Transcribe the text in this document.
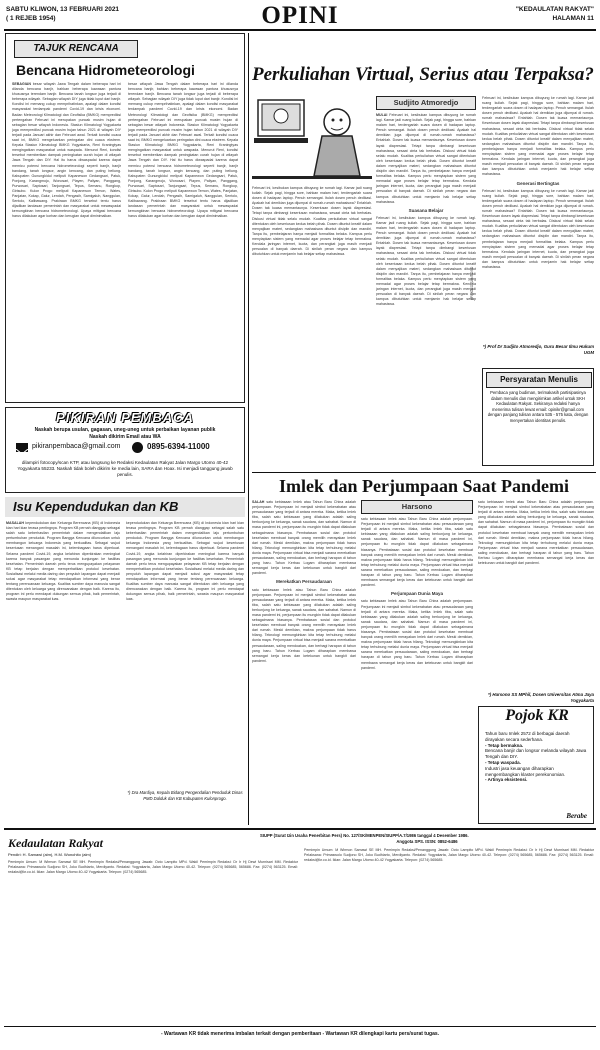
SABTU KLIWON, 13 FEBRUARI 2021
( 1 REJEB 1954)	OPINI	"KEDAULATAN RAKYAT"
HALAMAN 11
TAJUK RENCANA
Bencana Hidrometeorologi
SEBAGIAN besar wilayah Jawa Tengah dalam beberapa hari ini dilanda bencana banjir, bahkan beberapa kawasan pantura khususnya terendam banjir. Bencana tanah longsor juga terjadi di beberapa wilayah. Sebagian wilayah DIY juga tidak luput dari banjir. Kondisi ini memang cukup memprihatinkan, apalagi dalam kondisi masyarakat terdampak pandemi Covid-19 dan krisis ekonomi. Badan Meteorologi Klimatologi dan Geofisika (BMKG) memprediksi pertengahan Februari ini merupakan puncak musim hujan di sebagian besar wilayah Indonesia. Stasiun Klimatologi Yogyakarta juga memprediksi puncak musim hujan tahun 2021 di wilayah DIY terjadi pada Januari akhir dan Februari awal. Terkait kondisi cuaca saat ini, BMKG mengeluarkan peringatan dini cuaca ekstrem. Kepala Stasiun Klimatologi BMKG Yogyakarta, Reni Kraningtyas mengingatkan masyarakat untuk waspada. Menurut Reni, kondisi tersebut memberikan dampak peningkatan curah hujan di wilayah Jawa Tengah dan DIY. Hal itu harus diwaspadai karena dapat memicu potensi bencana hidrometeorologi seperti banjir, banjir bandang, tanah longsor, angin kencang, dan puting beliung. Kabupaten Gunungkidul meliputi Kapanewon Gedangsari, Patuk, Ponjong, Karangmojo, Wonosari, Playen, Paliyan, Panggang, Purwosari, Saptosari, Tanjungsari, Tepus, Semanu, Rongkop, Girisubo. Kulon Progo meliputi Kapanewon Temon, Wates, Panjatan, Kokap, Galur, Lendah, Pengasih, Samigaluh, Nanggulan, Sentolo, Kalibawang. Prakiraan BMKG tersebut tentu harus dijadikan landasan pemerintah dan masyarakat untuk mewaspadai kemungkinan bencana hidrometeorologi. Upaya mitigasi bencana harus dilakukan agar korban dan kerugian dapat diminimalkan.
besar wilayah Jawa Tengah dalam beberapa hari ini dilanda bencana banjir, bahkan beberapa kawasan pantura khususnya terendam banjir. Bencana tanah longsor juga terjadi di beberapa wilayah. Sebagian wilayah DIY juga tidak luput dari banjir. Kondisi ini memang cukup memprihatinkan, apalagi dalam kondisi masyarakat terdampak pandemi Covid-19 dan krisis ekonomi. Badan Meteorologi Klimatologi dan Geofisika (BMKG) memprediksi pertengahan Februari ini merupakan puncak musim hujan di sebagian besar wilayah Indonesia. Stasiun Klimatologi Yogyakarta juga memprediksi puncak musim hujan tahun 2021 di wilayah DIY terjadi pada Januari akhir dan Februari awal. Terkait kondisi cuaca saat ini, BMKG mengeluarkan peringatan dini cuaca ekstrem. Kepala Stasiun Klimatologi BMKG Yogyakarta, Reni Kraningtyas mengingatkan masyarakat untuk waspada. Menurut Reni, kondisi tersebut memberikan dampak peningkatan curah hujan di wilayah Jawa Tengah dan DIY. Hal itu harus diwaspadai karena dapat memicu potensi bencana hidrometeorologi seperti banjir, banjir bandang, tanah longsor, angin kencang, dan puting beliung. Kabupaten Gunungkidul meliputi Kapanewon Gedangsari, Patuk, Ponjong, Karangmojo, Wonosari, Playen, Paliyan, Panggang, Purwosari, Saptosari, Tanjungsari, Tepus, Semanu, Rongkop, Girisubo. Kulon Progo meliputi Kapanewon Temon, Wates, Panjatan, Kokap, Galur, Lendah, Pengasih, Samigaluh, Nanggulan, Sentolo, Kalibawang. Prakiraan BMKG tersebut tentu harus dijadikan landasan pemerintah dan masyarakat untuk mewaspadai kemungkinan bencana hidrometeorologi. Upaya mitigasi bencana harus dilakukan agar korban dan kerugian dapat diminimalkan.
PIKIRAN PEMBACA
Naskah berupa usulan, gagasan, uneg-uneg untuk perbaikan layanan publik
Naskah dikirim Email atau WA
pikiranpembaca@gmail.com	0895-6394-11000
dilampiri fotocopy/scan KTP, atau langsung ke Redaksi Kedaulatan Rakyat Jalan Margo Utomo 40-42 Yogyakarta 55233. Naskah tidak boleh dikirim ke media lain, SARA dan Hoax. Isi menjadi tanggung jawab penulis.
Isu Kependudukan dan KB
MASALAH kependudukan dan Keluarga Berencana (KB) di Indonesia kian hari kian terasa pentingnya. Program KB pernah dianggap sebagai salah satu keberhasilan pemerintah dalam mengendalikan laju pertumbuhan penduduk. Program Bangga Kencana diluncurkan untuk membangun keluarga Indonesia yang berkualitas. Sebagai wujud keseriusan menangani masalah ini, kelembagaan harus diperkuat. Selama pandemi Covid-19, angka kelahiran diperkirakan meningkat karena banyak pasangan yang menunda kunjungan ke fasilitas kesehatan. Pemerintah daerah perlu terus mengupayakan pelayanan KB tetap berjalan dengan memperhatikan protokol kesehatan. Sosialisasi melalui media daring dan penyuluh lapangan dapat menjadi solusi agar masyarakat tetap mendapatkan informasi yang benar tentang perencanaan keluarga. Kualitas sumber daya manusia sangat ditentukan oleh keluarga yang direncanakan dengan baik. Karena itu, program ini perlu mendapat dukungan semua pihak, baik pemerintah, swasta maupun masyarakat luas.
kependudukan dan Keluarga Berencana (KB) di Indonesia kian hari kian terasa pentingnya. Program KB pernah dianggap sebagai salah satu keberhasilan pemerintah dalam mengendalikan laju pertumbuhan penduduk. Program Bangga Kencana diluncurkan untuk membangun keluarga Indonesia yang berkualitas. Sebagai wujud keseriusan menangani masalah ini, kelembagaan harus diperkuat. Selama pandemi Covid-19, angka kelahiran diperkirakan meningkat karena banyak pasangan yang menunda kunjungan ke fasilitas kesehatan. Pemerintah daerah perlu terus mengupayakan pelayanan KB tetap berjalan dengan memperhatikan protokol kesehatan. Sosialisasi melalui media daring dan penyuluh lapangan dapat menjadi solusi agar masyarakat tetap mendapatkan informasi yang benar tentang perencanaan keluarga. Kualitas sumber daya manusia sangat ditentukan oleh keluarga yang direncanakan dengan baik. Karena itu, program ini perlu mendapat dukungan semua pihak, baik pemerintah, swasta maupun masyarakat luas.
*) Dra Mardiya, Kepala Bidang Pengendalian Penduduk Dinas PMD Dalduk dan KB Kabupaten Kulonprogo.
Perkuliahan Virtual, Serius atau Terpaksa?
Februari ini, kesibukan kampus dibuyung ke rumah lagi. Kamar jadi ruang kuliah. Sejak pagi, hingga sore, bahkan malam hari, terdengarlah suara dosen di hadapan laptop. Penuh semangat. Itulah dosen penuh dedikasi. Apakah hal demikian juga dijumpai di rumah-rumah mahasiswa? Entahlah. Dosen tak kuasa memantaunya. Keseriusan dosen layak diapresiasi. Tetapi tanpa dimbangi keseriusan mahasiswa, sesaat cinta tak berbalas. Diskusi virtual tidak selalu mudah. Kualitas perkuliahan virtual sangat ditentukan oleh keseriusan kedua belah pihak. Dosen dituntut kreatif dalam menyajikan materi, sedangkan mahasiswa dituntut disiplin dan mandiri. Tanpa itu, pembelajaran hanya menjadi formalitas belaka. Kampus perlu menyiapkan sistem yang memadai agar proses belajar tetap bermakna. Kendala jaringan internet, kuota, dan perangkat juga masih menjadi persoalan di banyak daerah. Di sinilah peran negara dan kampus dibutuhkan untuk menjamin hak belajar setiap mahasiswa.
Sudjito Atmoredjo
MULAI Februari ini, kesibukan kampus dibuyung ke rumah lagi. Kamar jadi ruang kuliah. Sejak pagi, hingga sore, bahkan malam hari, terdengarlah suara dosen di hadapan laptop. Penuh semangat. Itulah dosen penuh dedikasi. Apakah hal demikian juga dijumpai di rumah-rumah mahasiswa? Entahlah. Dosen tak kuasa memantaunya. Keseriusan dosen layak diapresiasi. Tetapi tanpa dimbangi keseriusan mahasiswa, sesaat cinta tak berbalas. Diskusi virtual tidak selalu mudah. Kualitas perkuliahan virtual sangat ditentukan oleh keseriusan kedua belah pihak. Dosen dituntut kreatif dalam menyajikan materi, sedangkan mahasiswa dituntut disiplin dan mandiri. Tanpa itu, pembelajaran hanya menjadi formalitas belaka. Kampus perlu menyiapkan sistem yang memadai agar proses belajar tetap bermakna. Kendala jaringan internet, kuota, dan perangkat juga masih menjadi persoalan di banyak daerah. Di sinilah peran negara dan kampus dibutuhkan untuk menjamin hak belajar setiap mahasiswa.
Suasana Belajar
Februari ini, kesibukan kampus dibuyung ke rumah lagi. Kamar jadi ruang kuliah. Sejak pagi, hingga sore, bahkan malam hari, terdengarlah suara dosen di hadapan laptop. Penuh semangat. Itulah dosen penuh dedikasi. Apakah hal demikian juga dijumpai di rumah-rumah mahasiswa? Entahlah. Dosen tak kuasa memantaunya. Keseriusan dosen layak diapresiasi. Tetapi tanpa dimbangi keseriusan mahasiswa, sesaat cinta tak berbalas. Diskusi virtual tidak selalu mudah. Kualitas perkuliahan virtual sangat ditentukan oleh keseriusan kedua belah pihak. Dosen dituntut kreatif dalam menyajikan materi, sedangkan mahasiswa dituntut disiplin dan mandiri. Tanpa itu, pembelajaran hanya menjadi formalitas belaka. Kampus perlu menyiapkan sistem yang memadai agar proses belajar tetap bermakna. Kendala jaringan internet, kuota, dan perangkat juga masih menjadi persoalan di banyak daerah. Di sinilah peran negara dan kampus dibutuhkan untuk menjamin hak belajar setiap mahasiswa.
Februari ini, kesibukan kampus dibuyung ke rumah lagi. Kamar jadi ruang kuliah. Sejak pagi, hingga sore, bahkan malam hari, terdengarlah suara dosen di hadapan laptop. Penuh semangat. Itulah dosen penuh dedikasi. Apakah hal demikian juga dijumpai di rumah-rumah mahasiswa? Entahlah. Dosen tak kuasa memantaunya. Keseriusan dosen layak diapresiasi. Tetapi tanpa dimbangi keseriusan mahasiswa, sesaat cinta tak berbalas. Diskusi virtual tidak selalu mudah. Kualitas perkuliahan virtual sangat ditentukan oleh keseriusan kedua belah pihak. Dosen dituntut kreatif dalam menyajikan materi, sedangkan mahasiswa dituntut disiplin dan mandiri. Tanpa itu, pembelajaran hanya menjadi formalitas belaka. Kampus perlu menyiapkan sistem yang memadai agar proses belajar tetap bermakna. Kendala jaringan internet, kuota, dan perangkat juga masih menjadi persoalan di banyak daerah. Di sinilah peran negara dan kampus dibutuhkan untuk menjamin hak belajar setiap mahasiswa.
Generasi Bertingtas
Februari ini, kesibukan kampus dibuyung ke rumah lagi. Kamar jadi ruang kuliah. Sejak pagi, hingga sore, bahkan malam hari, terdengarlah suara dosen di hadapan laptop. Penuh semangat. Itulah dosen penuh dedikasi. Apakah hal demikian juga dijumpai di rumah-rumah mahasiswa? Entahlah. Dosen tak kuasa memantaunya. Keseriusan dosen layak diapresiasi. Tetapi tanpa dimbangi keseriusan mahasiswa, sesaat cinta tak berbalas. Diskusi virtual tidak selalu mudah. Kualitas perkuliahan virtual sangat ditentukan oleh keseriusan kedua belah pihak. Dosen dituntut kreatif dalam menyajikan materi, sedangkan mahasiswa dituntut disiplin dan mandiri. Tanpa itu, pembelajaran hanya menjadi formalitas belaka. Kampus perlu menyiapkan sistem yang memadai agar proses belajar tetap bermakna. Kendala jaringan internet, kuota, dan perangkat juga masih menjadi persoalan di banyak daerah. Di sinilah peran negara dan kampus dibutuhkan untuk menjamin hak belajar setiap mahasiswa.
*) Prof Dr Sudjito Atmoredjo, Guru Besar Ilmu Hukum UGM
KR/JOKO SANTOSO
Persyaratan Menulis
Pembaca yang budiman, terimakasih partisipasinya dalam menulis dan mengirimkan artikel untuk SKH Kedaulatan Rakyat. Sekiranya redaksi hanya menerima tulisan lewat email: opinikr@gmail.com dengan panjang tulisan antara 535 - 575 kata, dengan menyertakan identitas penulis.
Imlek dan Perjumpaan Saat Pandemi
SALAH satu kebiasaan Imlek atau Tahun Baru China adalah perjumpaan. Perjumpaan ini menjadi simbol kekerabatan atau persaudaraan yang terjadi di antara mereka. Maka, ketika Imlek tiba, salah satu kebiasaan yang dilakukan adalah saling berkunjung ke keluarga, sanak saudara, dan sahabat. Namun di masa pandemi ini, perjumpaan itu mungkin tidak dapat dilakukan sebagaimana biasanya. Pembatasan sosial dan protokol kesehatan membuat banyak orang memilih merayakan Imlek dari rumah. Meski demikian, makna perjumpaan tidak harus hilang. Teknologi memungkinkan kita tetap terhubung melalui dunia maya. Perjumpaan virtual bisa menjadi sarana merekatkan persaudaraan, saling mendoakan, dan berbagi harapan di tahun yang baru. Tahun Kerbau Logam diharapkan membawa semangat kerja keras dan ketekunan untuk bangkit dari pandemi.
Merekatkan Persaudaraan
satu kebiasaan Imlek atau Tahun Baru China adalah perjumpaan. Perjumpaan ini menjadi simbol kekerabatan atau persaudaraan yang terjadi di antara mereka. Maka, ketika Imlek tiba, salah satu kebiasaan yang dilakukan adalah saling berkunjung ke keluarga, sanak saudara, dan sahabat. Namun di masa pandemi ini, perjumpaan itu mungkin tidak dapat dilakukan sebagaimana biasanya. Pembatasan sosial dan protokol kesehatan membuat banyak orang memilih merayakan Imlek dari rumah. Meski demikian, makna perjumpaan tidak harus hilang. Teknologi memungkinkan kita tetap terhubung melalui dunia maya. Perjumpaan virtual bisa menjadi sarana merekatkan persaudaraan, saling mendoakan, dan berbagi harapan di tahun yang baru. Tahun Kerbau Logam diharapkan membawa semangat kerja keras dan ketekunan untuk bangkit dari pandemi.
Harsono
satu kebiasaan Imlek atau Tahun Baru China adalah perjumpaan. Perjumpaan ini menjadi simbol kekerabatan atau persaudaraan yang terjadi di antara mereka. Maka, ketika Imlek tiba, salah satu kebiasaan yang dilakukan adalah saling berkunjung ke keluarga, sanak saudara, dan sahabat. Namun di masa pandemi ini, perjumpaan itu mungkin tidak dapat dilakukan sebagaimana biasanya. Pembatasan sosial dan protokol kesehatan membuat banyak orang memilih merayakan Imlek dari rumah. Meski demikian, makna perjumpaan tidak harus hilang. Teknologi memungkinkan kita tetap terhubung melalui dunia maya. Perjumpaan virtual bisa menjadi sarana merekatkan persaudaraan, saling mendoakan, dan berbagi harapan di tahun yang baru. Tahun Kerbau Logam diharapkan membawa semangat kerja keras dan ketekunan untuk bangkit dari pandemi.
Perjumpaan Dunia Maya
satu kebiasaan Imlek atau Tahun Baru China adalah perjumpaan. Perjumpaan ini menjadi simbol kekerabatan atau persaudaraan yang terjadi di antara mereka. Maka, ketika Imlek tiba, salah satu kebiasaan yang dilakukan adalah saling berkunjung ke keluarga, sanak saudara, dan sahabat. Namun di masa pandemi ini, perjumpaan itu mungkin tidak dapat dilakukan sebagaimana biasanya. Pembatasan sosial dan protokol kesehatan membuat banyak orang memilih merayakan Imlek dari rumah. Meski demikian, makna perjumpaan tidak harus hilang. Teknologi memungkinkan kita tetap terhubung melalui dunia maya. Perjumpaan virtual bisa menjadi sarana merekatkan persaudaraan, saling mendoakan, dan berbagi harapan di tahun yang baru. Tahun Kerbau Logam diharapkan membawa semangat kerja keras dan ketekunan untuk bangkit dari pandemi.
satu kebiasaan Imlek atau Tahun Baru China adalah perjumpaan. Perjumpaan ini menjadi simbol kekerabatan atau persaudaraan yang terjadi di antara mereka. Maka, ketika Imlek tiba, salah satu kebiasaan yang dilakukan adalah saling berkunjung ke keluarga, sanak saudara, dan sahabat. Namun di masa pandemi ini, perjumpaan itu mungkin tidak dapat dilakukan sebagaimana biasanya. Pembatasan sosial dan protokol kesehatan membuat banyak orang memilih merayakan Imlek dari rumah. Meski demikian, makna perjumpaan tidak harus hilang. Teknologi memungkinkan kita tetap terhubung melalui dunia maya. Perjumpaan virtual bisa menjadi sarana merekatkan persaudaraan, saling mendoakan, dan berbagi harapan di tahun yang baru. Tahun Kerbau Logam diharapkan membawa semangat kerja keras dan ketekunan untuk bangkit dari pandemi.
*) Harsono SS MPhil, Dosen Universitas Atma Jaya Yogyakarta
Pojok KR
Tahun baru Imlek 2572 di berbagai daerah dirayakan secara sederhana.
- Tetap bermakna.
Bencana banjir dan longsor melanda wilayah Jawa Tengah dan DIY.
- Tetap waspada.
Industri jasa keuangan diharapkan mengembangkan klaster perekonomian.
- Artinya eksistensi.
Berabe
Kedaulatan Rakyat
SIUPP (Surat Izin Usaha Penerbitan Pers) No. 127/SK/MENPEN/SIUPP/A.7/1986 tanggal 4 Desember 1986.
Anggota SPS. ISSN: 0852-6486
Pendiri: H. Samawi (alm), H.M. Wonohito (alm)
Pemimpin Umum: M Wirmon Samawi SE MH. Pemimpin Redaksi/Penanggung Jawab: Octo Lampito MPd. Wakil Pemimpin Redaksi: Dr Ir Hj Dewi Murnisari MM. Redaktur Pelaksana: Primaswolo Sudjono SH, Joko Budhiarto, Merdiyanto. Redaksi: Yogyakarta, Jalan Margo Utomo 40-42. Telepon: (0274) 565685, 565686. Fax: (0274) 563125. Email: redaksi@kr.co.id. Iklan: Jalan Margo Utomo 40-42 Yogyakarta. Telepon: (0274) 565685.
Pemimpin Umum: M Wirmon Samawi SE MH. Pemimpin Redaksi/Penanggung Jawab: Octo Lampito MPd. Wakil Pemimpin Redaksi: Dr Ir Hj Dewi Murnisari MM. Redaktur Pelaksana: Primaswolo Sudjono SH, Joko Budhiarto, Merdiyanto. Redaksi: Yogyakarta, Jalan Margo Utomo 40-42. Telepon: (0274) 565685, 565686. Fax: (0274) 563125. Email: redaksi@kr.co.id. Iklan: Jalan Margo Utomo 40-42 Yogyakarta. Telepon: (0274) 565685.
- Wartawan KR tidak menerima imbalan terkait dengan pemberitaan - Wartawan KR dilengkapi kartu pers/surat tugas.
